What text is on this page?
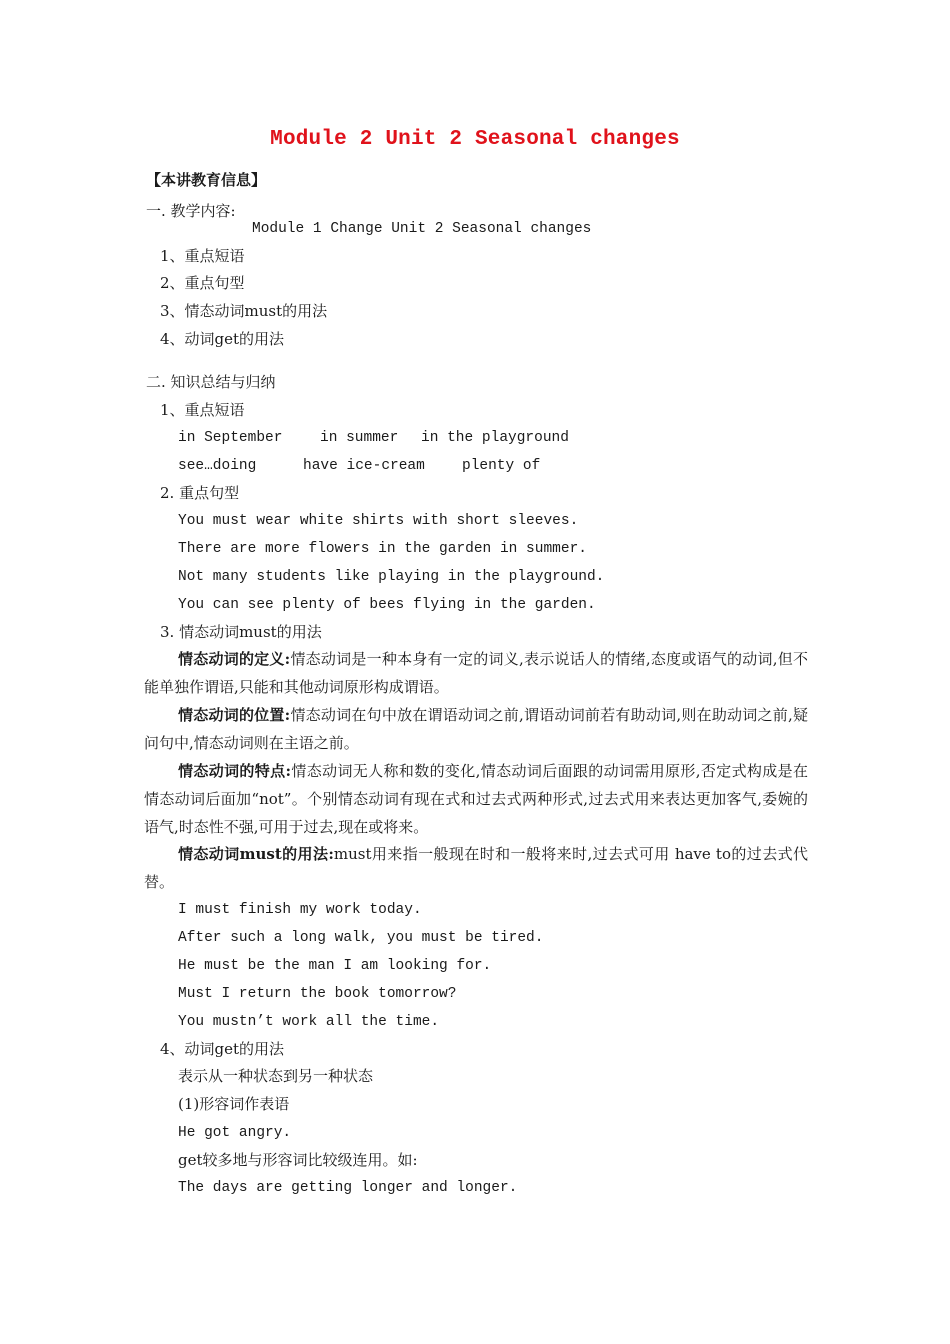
Module 2 Unit 2 Seasonal changes
【本讲教育信息】
一. 教学内容:
Module 1 Change Unit 2 Seasonal changes
1、重点短语
2、重点句型
3、情态动词must的用法
4、动词get的用法
二. 知识总结与归纳
1、重点短语
in September	in summer in the playground
see…doing	have ice-cream	plenty of
2. 重点句型
You must wear white shirts with short sleeves.
There are more flowers in the garden in summer.
Not many students like playing in the playground.
You can see plenty of bees flying in the garden.
3. 情态动词must的用法
情态动词的定义:情态动词是一种本身有一定的词义,表示说话人的情绪,态度或语气的动词,但不能单独作谓语,只能和其他动词原形构成谓语。
情态动词的位置:情态动词在句中放在谓语动词之前,谓语动词前若有助动词,则在助动词之前,疑问句中,情态动词则在主语之前。
情态动词的特点:情态动词无人称和数的变化,情态动词后面跟的动词需用原形,否定式构成是在情态动词后面加“not”。个别情态动词有现在式和过去式两种形式,过去式用来表达更加客气,委婉的语气,时态性不强,可用于过去,现在或将来。
情态动词must的用法:must用来指一般现在时和一般将来时,过去式可用 have to的过去式代替。
I must finish my work today.
After such a long walk, you must be tired.
He must be the man I am looking for.
Must I return the book tomorrow?
You mustn’t work all the time.
4、动词get的用法
表示从一种状态到另一种状态
(1)形容词作表语
He got angry.
get较多地与形容词比较级连用。如:
The days are getting longer and longer.
